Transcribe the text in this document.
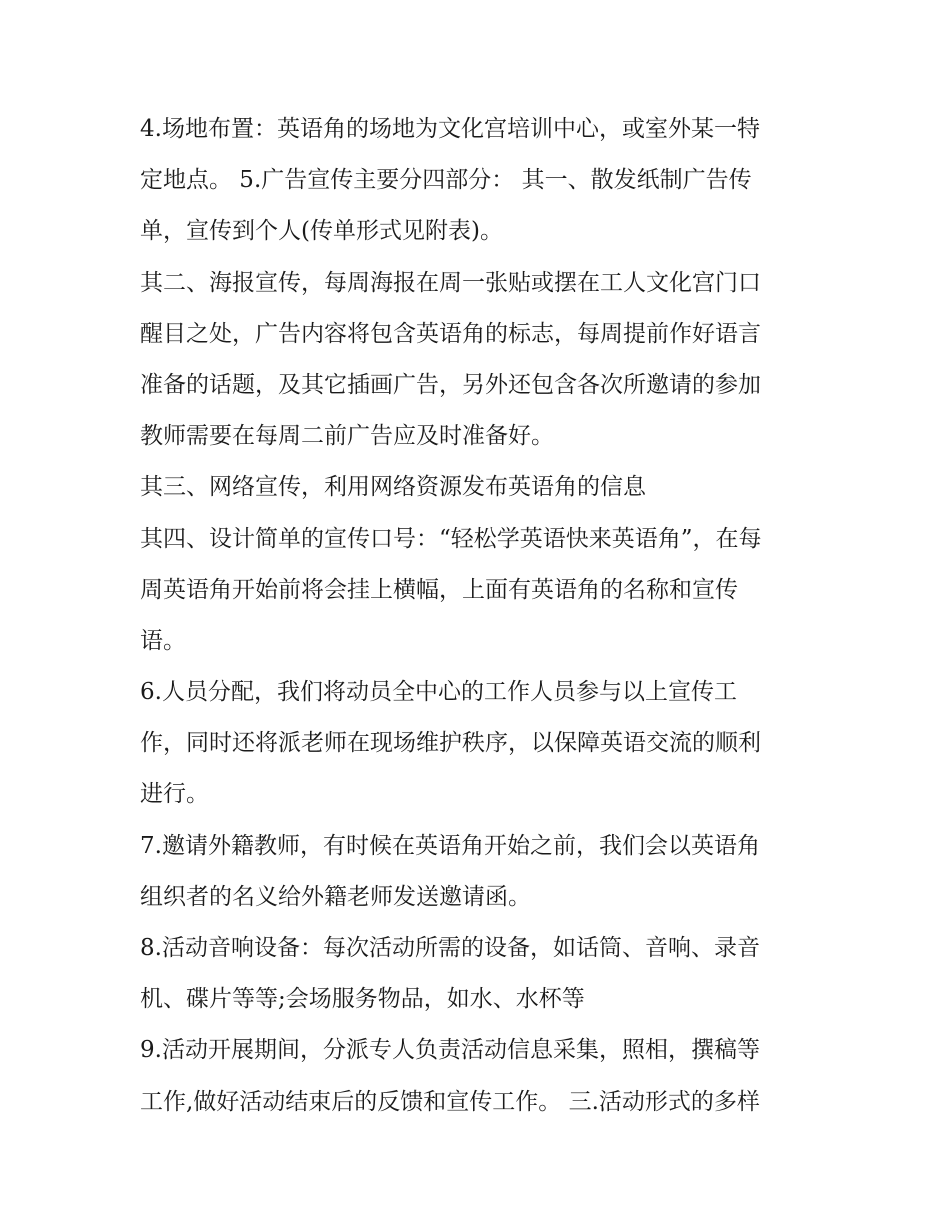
4.场地布置：英语角的场地为文化宫培训中心，或室外某一特
定地点。 5.广告宣传主要分四部分： 其一、散发纸制广告传
单，宣传到个人(传单形式见附表)。
其二、海报宣传，每周海报在周一张贴或摆在工人文化宫门口
醒目之处，广告内容将包含英语角的标志，每周提前作好语言
准备的话题，及其它插画广告，另外还包含各次所邀请的参加
教师需要在每周二前广告应及时准备好。
其三、网络宣传，利用网络资源发布英语角的信息
其四、设计简单的宣传口号：“轻松学英语快来英语角”，在每
周英语角开始前将会挂上横幅，上面有英语角的名称和宣传
语。
6.人员分配，我们将动员全中心的工作人员参与以上宣传工
作，同时还将派老师在现场维护秩序，以保障英语交流的顺利
进行。
7.邀请外籍教师，有时候在英语角开始之前，我们会以英语角
组织者的名义给外籍老师发送邀请函。
8.活动音响设备：每次活动所需的设备，如话筒、音响、录音
机、碟片等等;会场服务物品，如水、水杯等
9.活动开展期间，分派专人负责活动信息采集，照相，撰稿等
工作,做好活动结束后的反馈和宣传工作。 三.活动形式的多样
